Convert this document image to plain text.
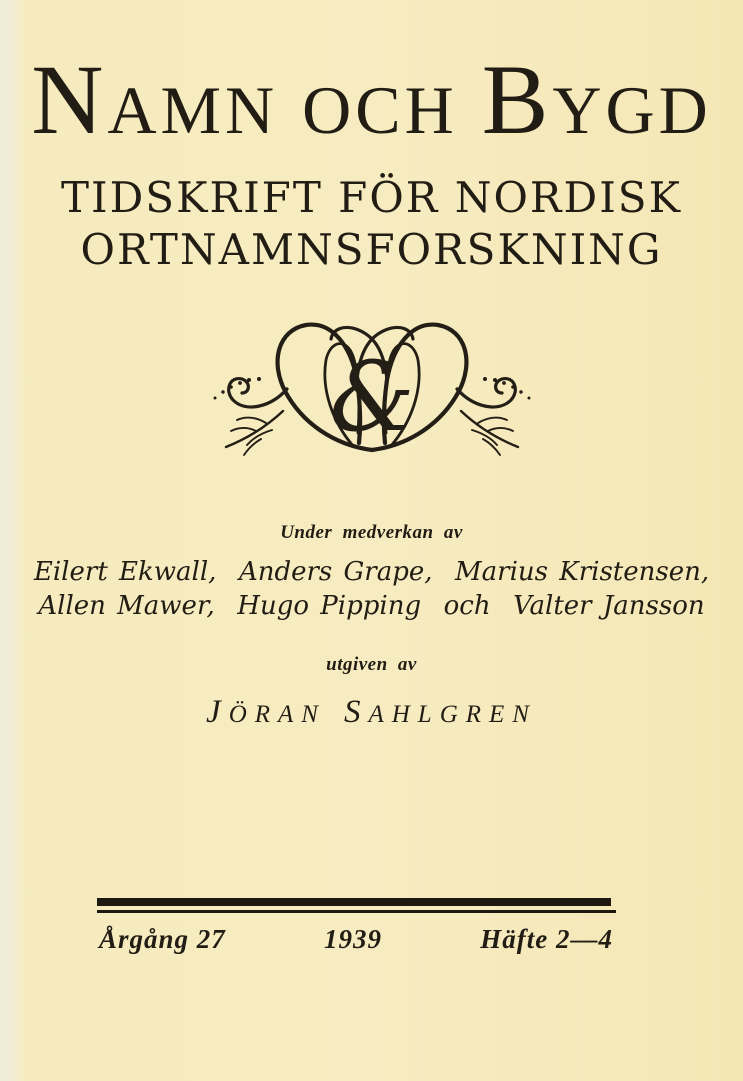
NAMN OCH BYGD
TIDSKRIFT FÖR NORDISK
ORTNAMNSFORSKNING
&
Under medverkan av
Eilert Ekwall,  Anders Grape,  Marius Kristensen,
Allen Mawer,  Hugo Pipping  och  Valter Jansson
utgiven av
JÖRAN SAHLGREN
Årgång 27	1939	Häfte 2—4
